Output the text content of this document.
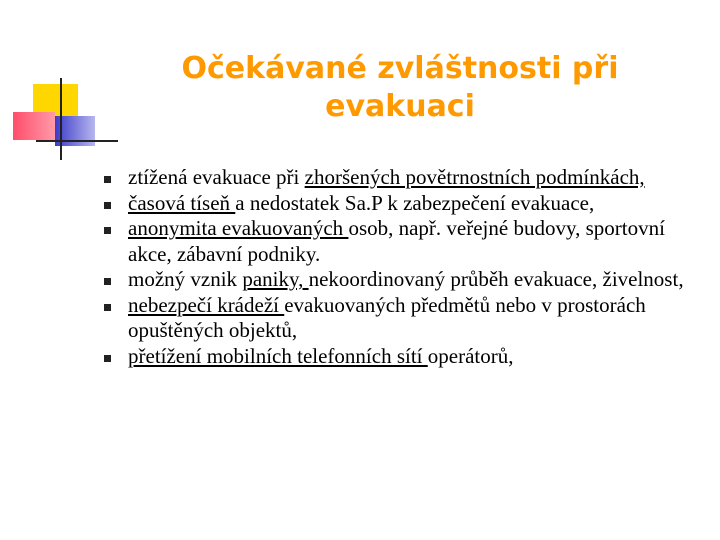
Očekávané zvláštnosti při
evakuaci
ztížená evakuace při zhoršených povětrnostních podmínkách,
časová tíseň a nedostatek Sa.P k zabezpečení evakuace,
anonymita evakuovaných osob, např. veřejné budovy, sportovní akce, zábavní podniky.
možný vznik paniky, nekoordinovaný průběh evakuace, živelnost,
nebezpečí krádeží evakuovaných předmětů nebo v prostorách opuštěných objektů,
přetížení mobilních telefonních sítí operátorů,
